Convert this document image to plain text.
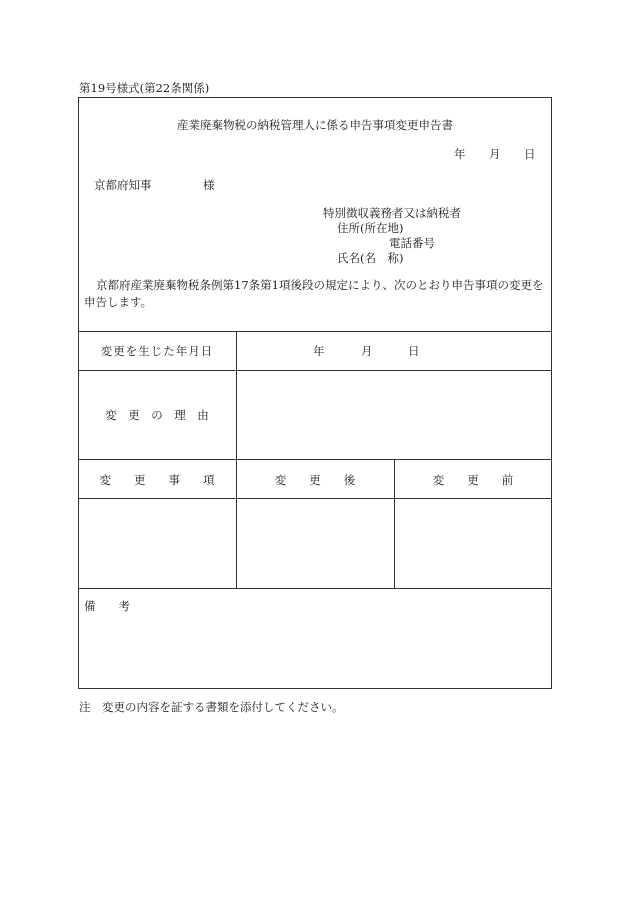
第19号様式(第22条関係)
産業廃棄物税の納税管理人に係る申告事項変更申告書
年 月 日
京都府知事	様
特別徴収義務者又は納税者
住所(所在地)
電話番号
氏名(名　称)
京都府産業廃棄物税条例第17条第1項後段の規定により、次のとおり申告事項の変更を申告します。
変更を生じた年月日	年	月	日
変　更　の　理　由
変　　更　　事　　項	変　　更　　後	変　　更　　前
備　　考
注　変更の内容を証する書類を添付してください。
